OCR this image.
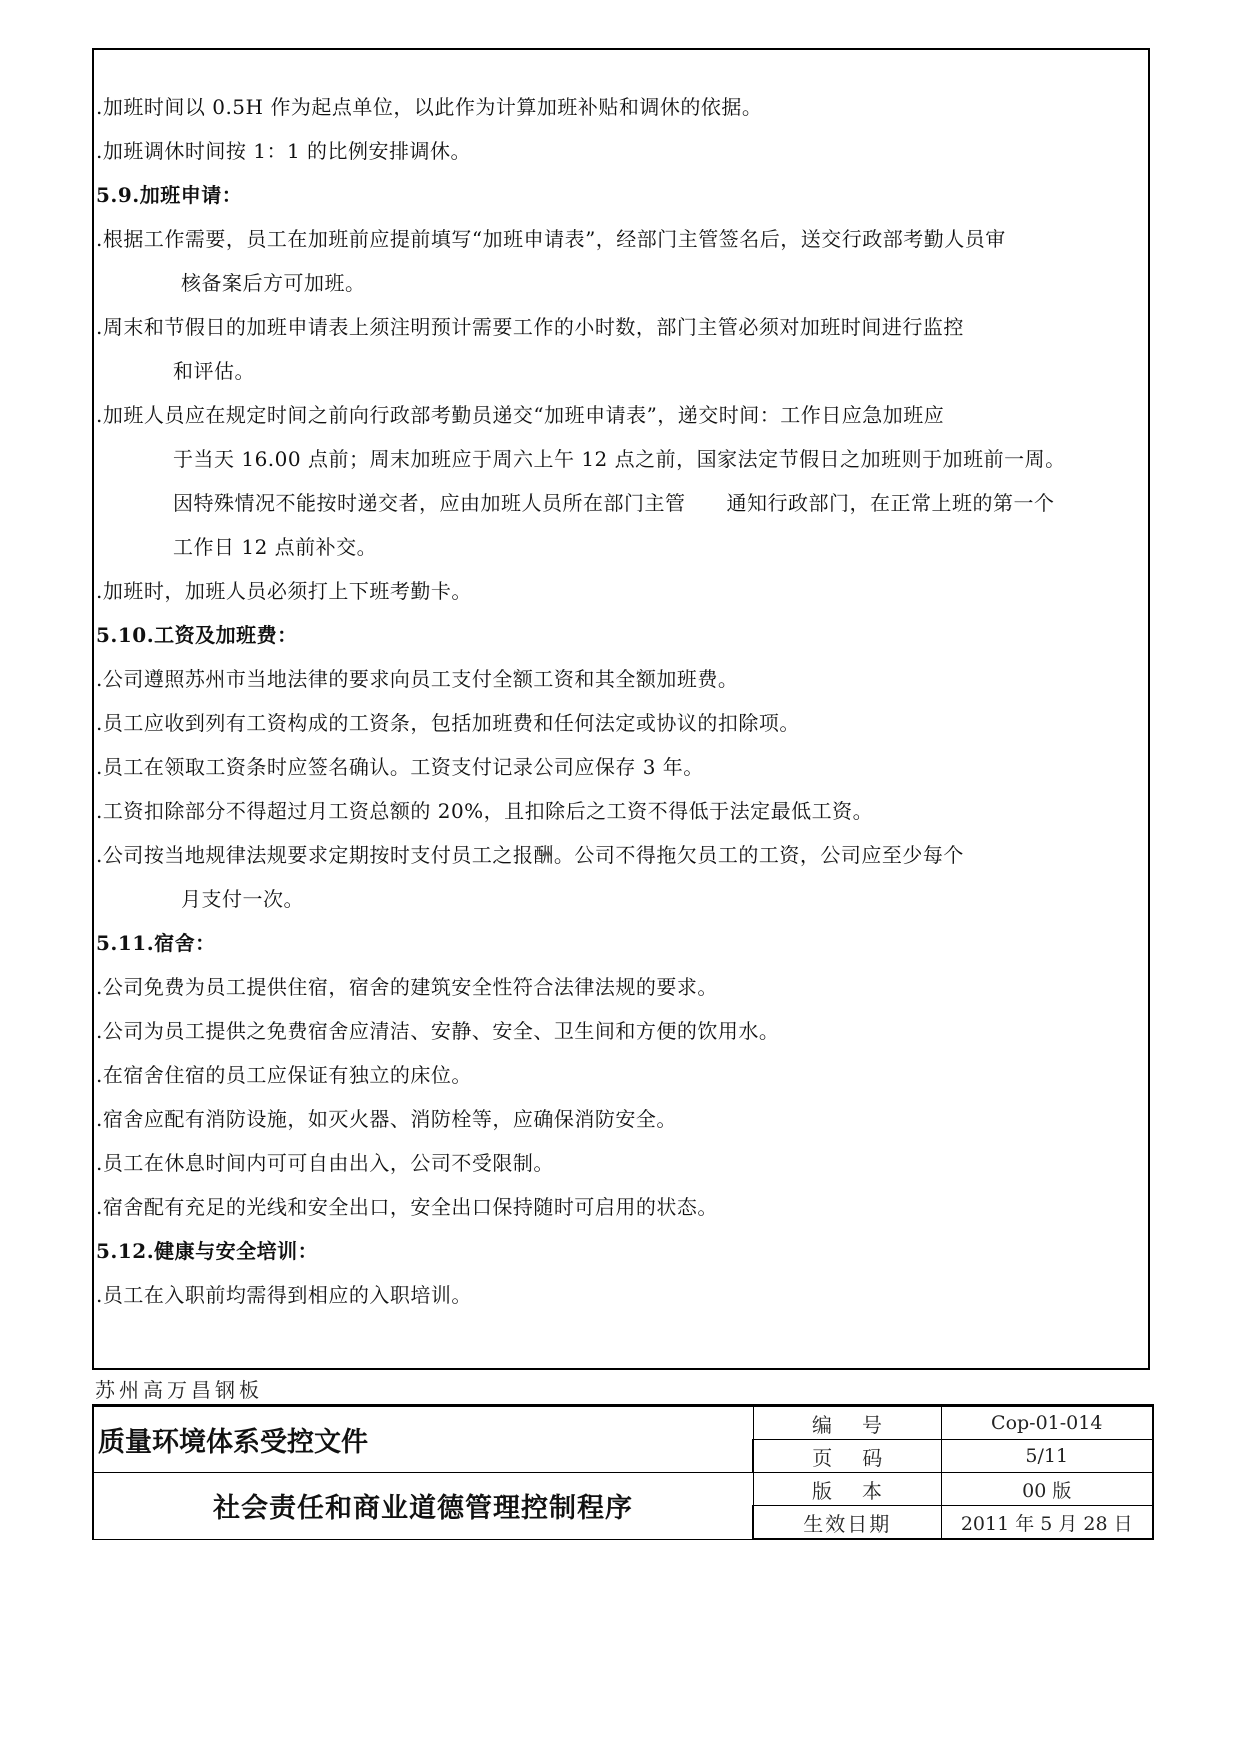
.加班时间以 0.5H 作为起点单位，以此作为计算加班补贴和调休的依据。
.加班调休时间按 1：1 的比例安排调休。
5.9.加班申请：
.根据工作需要，员工在加班前应提前填写“加班申请表”，经部门主管签名后，送交行政部考勤人员审
核备案后方可加班。
.周末和节假日的加班申请表上须注明预计需要工作的小时数，部门主管必须对加班时间进行监控
和评估。
.加班人员应在规定时间之前向行政部考勤员递交“加班申请表”，递交时间：工作日应急加班应
于当天 16.00 点前；周末加班应于周六上午 12 点之前，国家法定节假日之加班则于加班前一周。
因特殊情况不能按时递交者，应由加班人员所在部门主管　　通知行政部门，在正常上班的第一个
工作日 12 点前补交。
.加班时，加班人员必须打上下班考勤卡。
5.10.工资及加班费：
.公司遵照苏州市当地法律的要求向员工支付全额工资和其全额加班费。
.员工应收到列有工资构成的工资条，包括加班费和任何法定或协议的扣除项。
.员工在领取工资条时应签名确认。工资支付记录公司应保存 3 年。
.工资扣除部分不得超过月工资总额的 20%，且扣除后之工资不得低于法定最低工资。
.公司按当地规律法规要求定期按时支付员工之报酬。公司不得拖欠员工的工资，公司应至少每个
月支付一次。
5.11.宿舍：
.公司免费为员工提供住宿，宿舍的建筑安全性符合法律法规的要求。
.公司为员工提供之免费宿舍应清洁、安静、安全、卫生间和方便的饮用水。
.在宿舍住宿的员工应保证有独立的床位。
.宿舍应配有消防设施，如灭火器、消防栓等，应确保消防安全。
.员工在休息时间内可可自由出入，公司不受限制。
.宿舍配有充足的光线和安全出口，安全出口保持随时可启用的状态。
5.12.健康与安全培训：
.员工在入职前均需得到相应的入职培训。
苏州高万昌钢板
质量环境体系受控文件	编号	Cop-01-014
	页码	5/11
社会责任和商业道德管理控制程序	版本	00 版
	生效日期	2011 年 5 月 28 日
